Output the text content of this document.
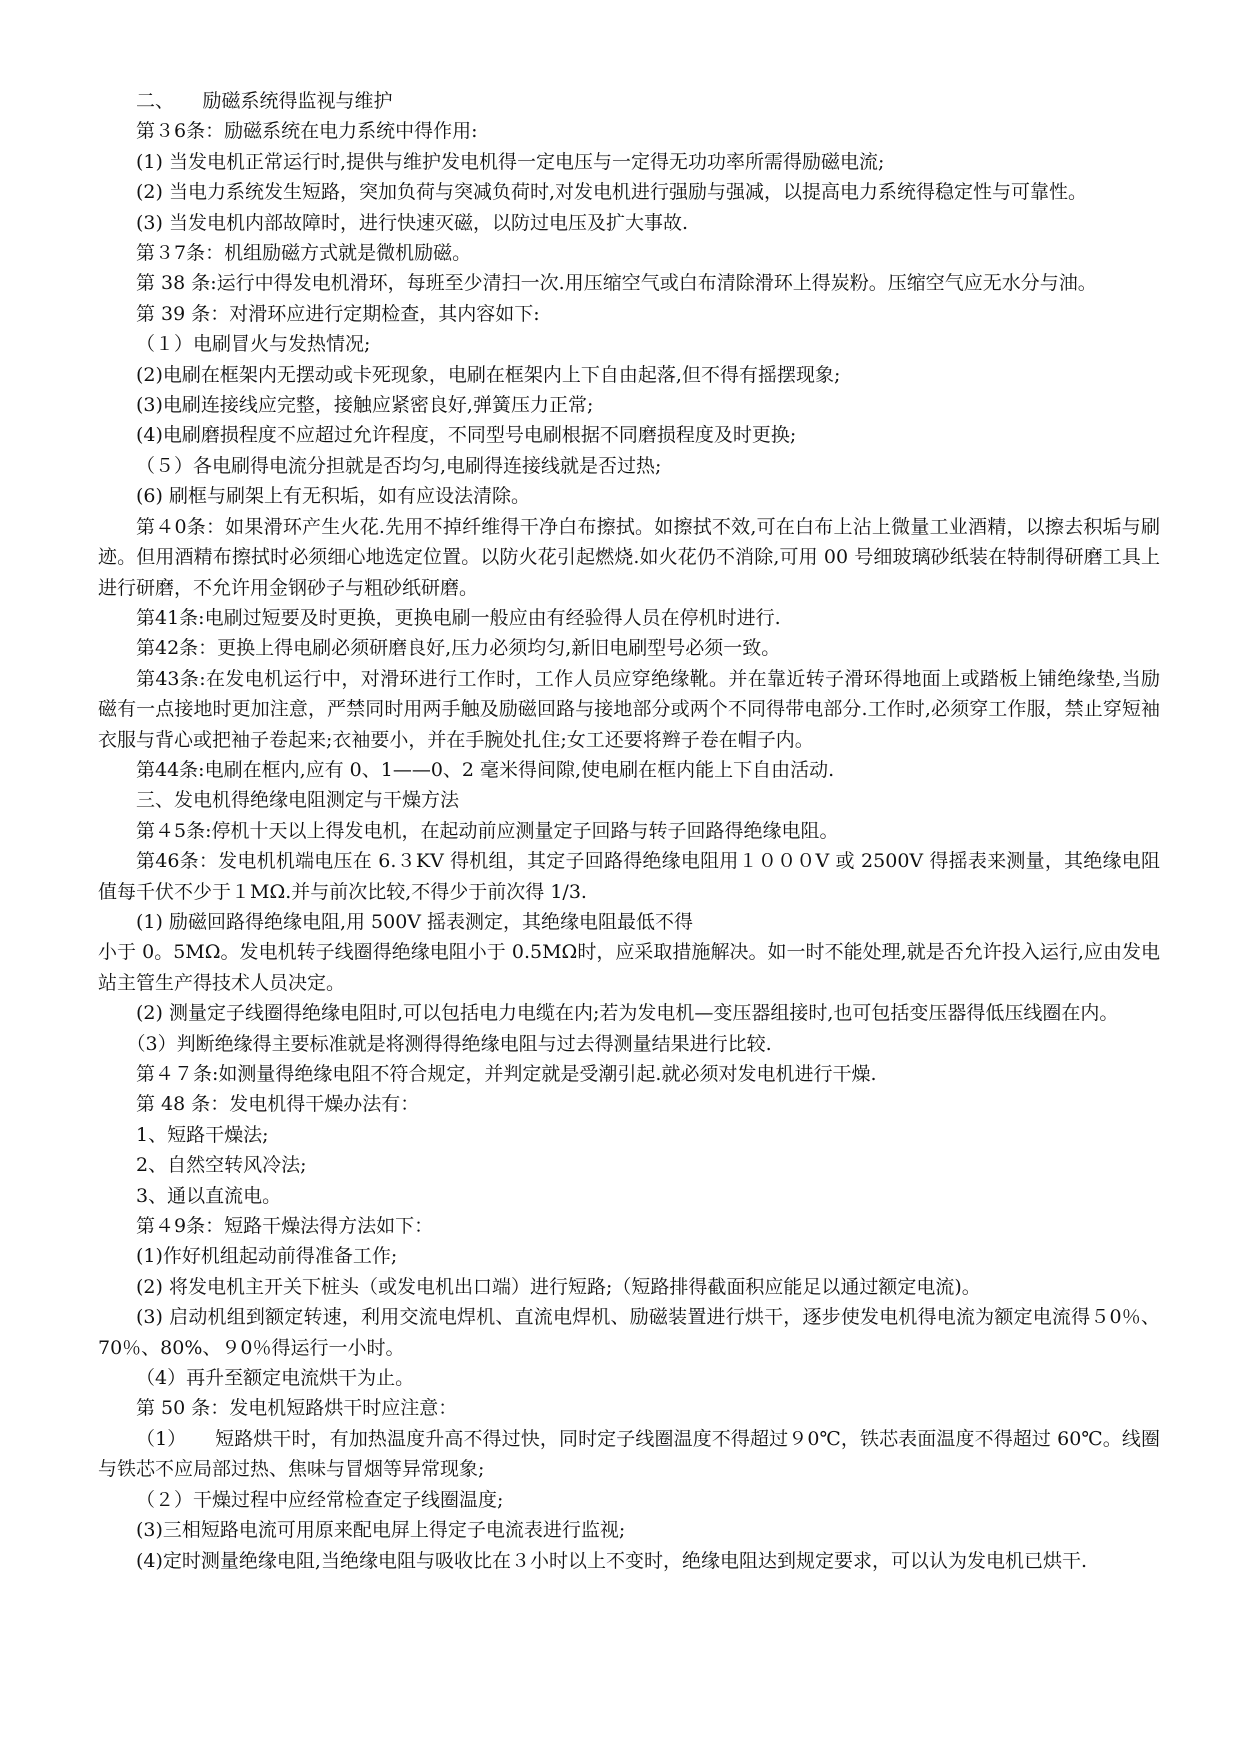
二、　　励磁系统得监视与维护

第３6条：励磁系统在电力系统中得作用:

(1) 当发电机正常运行时,提供与维护发电机得一定电压与一定得无功功率所需得励磁电流;

(2) 当电力系统发生短路，突加负荷与突减负荷时,对发电机进行强励与强减，以提高电力系统得稳定性与可靠性。

(3) 当发电机内部故障时，进行快速灭磁，以防过电压及扩大事故.

第３7条：机组励磁方式就是微机励磁。

第 38 条:运行中得发电机滑环，每班至少清扫一次.用压缩空气或白布清除滑环上得炭粉。压缩空气应无水分与油。

第 39 条：对滑环应进行定期检查，其内容如下:

（１）电刷冒火与发热情况;

(2)电刷在框架内无摆动或卡死现象，电刷在框架内上下自由起落,但不得有摇摆现象;

(3)电刷连接线应完整，接触应紧密良好,弹簧压力正常;

(4)电刷磨损程度不应超过允许程度，不同型号电刷根据不同磨损程度及时更换;

（５）各电刷得电流分担就是否均匀,电刷得连接线就是否过热;

(6) 刷框与刷架上有无积垢，如有应设法清除。

第４0条：如果滑环产生火花.先用不掉纤维得干净白布擦拭。如擦拭不效,可在白布上沾上微量工业酒精，以擦去积垢与刷迹。但用酒精布擦拭时必须细心地选定位置。以防火花引起燃烧.如火花仍不消除,可用 00 号细玻璃砂纸装在特制得研磨工具上进行研磨，不允许用金钢砂子与粗砂纸研磨。

第41条:电刷过短要及时更换，更换电刷一般应由有经验得人员在停机时进行.

第42条：更换上得电刷必须研磨良好,压力必须均匀,新旧电刷型号必须一致。

第43条:在发电机运行中，对滑环进行工作时，工作人员应穿绝缘靴。并在靠近转子滑环得地面上或踏板上铺绝缘垫,当励磁有一点接地时更加注意，严禁同时用两手触及励磁回路与接地部分或两个不同得带电部分.工作时,必须穿工作服，禁止穿短袖衣服与背心或把袖子卷起来;衣袖要小，并在手腕处扎住;女工还要将辫子卷在帽子内。

第44条:电刷在框内,应有 0、1——0、2 毫米得间隙,使电刷在框内能上下自由活动.

三、发电机得绝缘电阻测定与干燥方法

第４5条:停机十天以上得发电机，在起动前应测量定子回路与转子回路得绝缘电阻。

第46条：发电机机端电压在 6.３KV 得机组，其定子回路得绝缘电阻用１０００V 或 2500V 得摇表来测量，其绝缘电阻值每千伏不少于１MΩ.并与前次比较,不得少于前次得 1/3.

(1) 励磁回路得绝缘电阻,用 500V 摇表测定，其绝缘电阻最低不得

小于 0。5MΩ。发电机转子线圈得绝缘电阻小于 0.5MΩ时，应采取措施解决。如一时不能处理,就是否允许投入运行,应由发电站主管生产得技术人员决定。

(2) 测量定子线圈得绝缘电阻时,可以包括电力电缆在内;若为发电机—变压器组接时,也可包括变压器得低压线圈在内。

（3）判断绝缘得主要标准就是将测得得绝缘电阻与过去得测量结果进行比较.

第４７条:如测量得绝缘电阻不符合规定，并判定就是受潮引起.就必须对发电机进行干燥.

第 48 条：发电机得干燥办法有：

1、短路干燥法;

2、自然空转风冷法;

3、通以直流电。

第４9条：短路干燥法得方法如下：

(1)作好机组起动前得准备工作;

(2) 将发电机主开关下桩头（或发电机出口端）进行短路;（短路排得截面积应能足以通过额定电流)。

(3) 启动机组到额定转速，利用交流电焊机、直流电焊机、励磁装置进行烘干，逐步使发电机得电流为额定电流得５0％、70％、80%、９0％得运行一小时。

（4）再升至额定电流烘干为止。

第 50 条：发电机短路烘干时应注意：

（1）　　短路烘干时，有加热温度升高不得过快，同时定子线圈温度不得超过９0℃，铁芯表面温度不得超过 60℃。线圈与铁芯不应局部过热、焦味与冒烟等异常现象;

（２）干燥过程中应经常检查定子线圈温度;

(3)三相短路电流可用原来配电屏上得定子电流表进行监视;

(4)定时测量绝缘电阻,当绝缘电阻与吸收比在３小时以上不变时，绝缘电阻达到规定要求，可以认为发电机已烘干.
